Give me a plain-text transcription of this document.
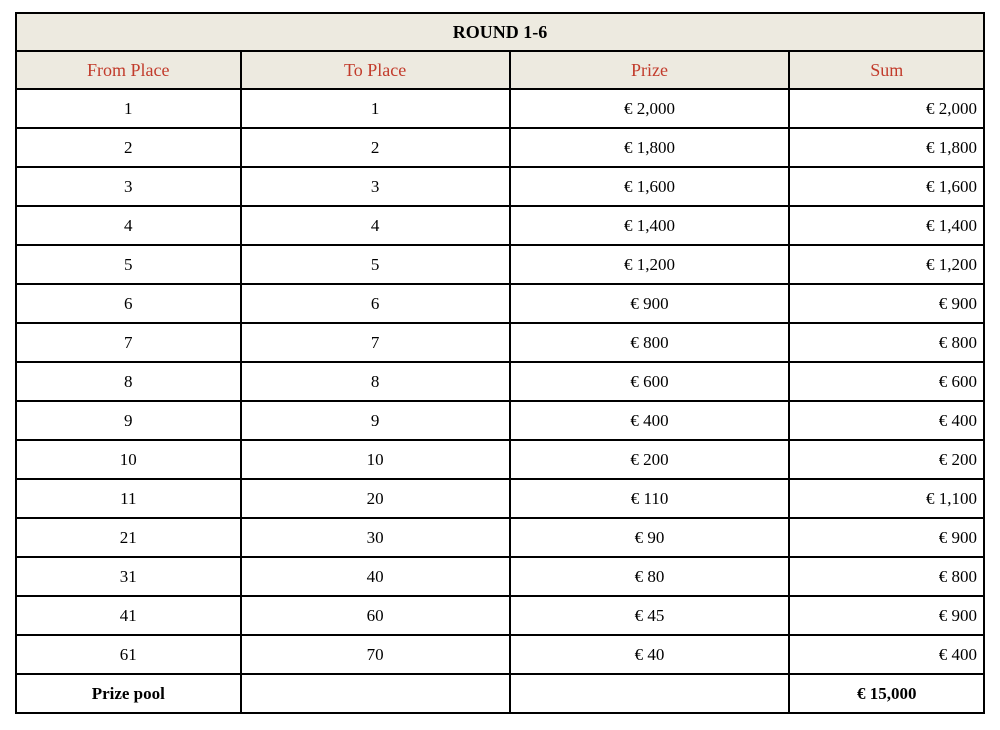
ROUND 1-6			
From Place	To Place	Prize	Sum
1	1	€ 2,000	€ 2,000
2	2	€ 1,800	€ 1,800
3	3	€ 1,600	€ 1,600
4	4	€ 1,400	€ 1,400
5	5	€ 1,200	€ 1,200
6	6	€ 900	€ 900
7	7	€ 800	€ 800
8	8	€ 600	€ 600
9	9	€ 400	€ 400
10	10	€ 200	€ 200
11	20	€ 110	€ 1,100
21	30	€ 90	€ 900
31	40	€ 80	€ 800
41	60	€ 45	€ 900
61	70	€ 40	€ 400
Prize pool			€ 15,000
